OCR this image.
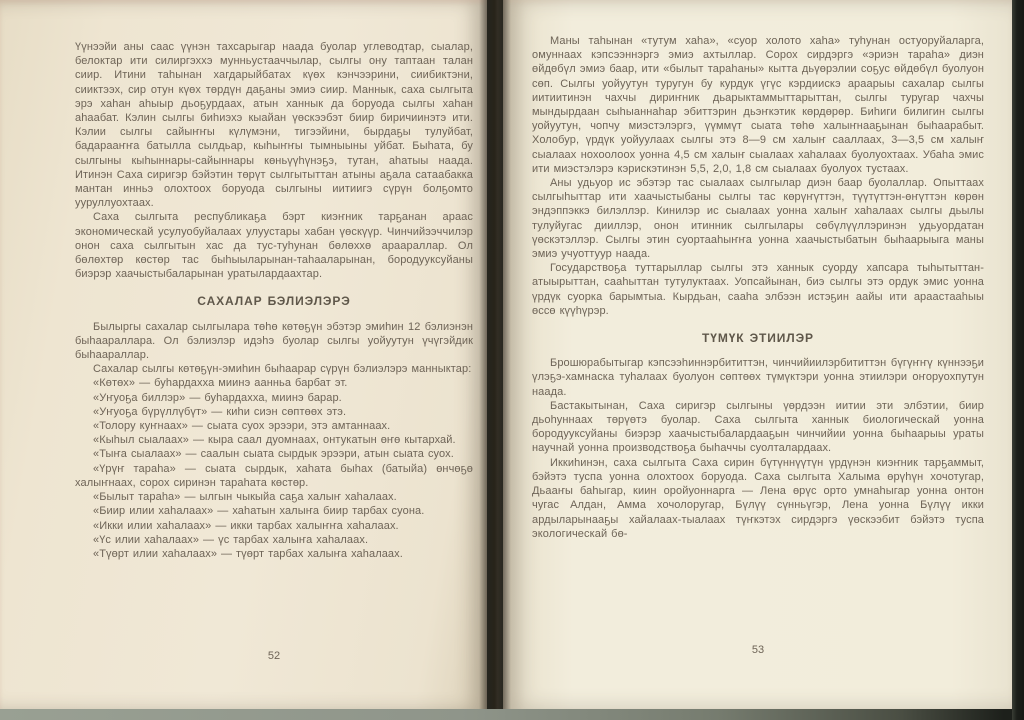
Үүнээйи аны саас үүнэн тахсарыгар наада буолар углеводтар, сыалар, белоктар ити силиргэххэ мунньустааччылар, сылгы ону таптаан талан сиир. Итини таһынан хагдарыйбатах күөх кэнчээрини, сиибиктэни, сииктээх, сир отун күөх төрдүн даҕаны эмиэ сиир. Маннык, саха сылгыта эрэ хаһан аһыыр дьоҕурдаах, атын ханнык да боруода сылгы хаһан аһаабат. Кэлин сылгы биһиэхэ кыайан үөскээбэт биир биричиинэтэ ити. Кэлии сылгы сайыҥҥы күлүмэни, тигээйини, бырдаҕы тулуйбат, бадарааҥҥа батылла сылдьар, кыһыҥҥы тымныыны уйбат. Быһата, бу сылгыны кыһыннары-сайыннары көньүүһүнэҕэ, тутан, аһатыы наада. Итинэн Саха сиригэр бэйэтин төрүт сылгытыттан атыны аҕала сатаабакка мантан инньэ олохтоох боруода сылгыны иитиигэ сүрүн болҕомто ууруллуохтаах.

Саха сылгыта республикаҕа бэрт киэҥник тарҕанан араас экономическай усулуобуйалаах улуустары хабан үөскүүр. Чинчийээччилэр онон саха сылгытын хас да тус-туһунан бөлөххө араараллар. Ол бөлөхтөр көстөр тас быһыыларынан-таһааларынан, бородууксуйаны биэрэр хаачыстыбаларынан уратылардаахтар.

САХАЛАР БЭЛИЭЛЭРЭ

Былыргы сахалар сылгылара төһө көтөҕүн эбэтэр эмиһин 12 бэлиэнэн быһаараллара. Ол бэлиэлэр идэһэ буолар сылгы уойуутун үчүгэйдик быһаараллар.

Сахалар сылгы көтөҕүн-эмиһин быһаарар сүрүн бэлиэлэрэ манныктар:

«Көтөх» — буһардахха миинэ аанньа барбат эт.

«Уҥуоҕа биллэр» — буһардахха, миинэ барар.

«Уҥуоҕа бүрүллүбүт» — киһи сиэн сөптөөх этэ.

«Толору куҥнаах» — сыата суох эрээри, этэ амтаннаах.

«Кыһыл сыалаах» — кыра саал дуомнаах, онтукатын өҥө кытархай.

«Тыҥа сыалаах» — саалын сыата сырдык эрээри, атын сыата суох.

«Үрүҥ тараһа» — сыата сырдык, хаһата быһах (батыйа) өнчөҕө халыҥнаах, сорох сиринэн тараһата көстөр.

«Былыт тараһа» — ылгын чыкыйа саҕа халыҥ хаһалаах.

«Биир илии хаһалаах» — хаһатын халыҥа биир тарбах суона.

«Икки илии хаһалаах» — икки тарбах халыҥҥа хаһалаах.

«Үс илии хаһалаах» — үс тарбах халыҥа хаһалаах.

«Түөрт илии хаһалаах» — түөрт тарбах халыҥа хаһалаах.

52

Маны таһынан «тутум хаһа», «суор холото хаһа» туһунан остуоруйаларга, омуннаах кэпсээннэргэ эмиэ ахтыллар. Сорох сирдэргэ «эриэн тараһа» диэн өйдөбүл эмиэ баар, ити «былыт тараһаны» кытта дьүөрэлии соҕус өйдөбүл буолуон сөп. Сылгы уойуутун туругун бу курдук үгүс кэрдиискэ араарыы сахалар сылгы иитиитинэн чахчы дириҥник дьарыктаммыттарыттан, сылгы туругар чахчы мындырдаан сыһыаннаһар эбиттэрин дьэҥкэтик көрдөрөр. Биһиги билигин сылгы уойуутун, чопчу миэстэлэргэ, үүммүт сыата төһө халыҥнааҕынан быһаарабыт. Холобур, үрдүк уойуулаах сылгы этэ 8—9 см халыҥ сааллаах, 3—3,5 см халыҥ сыалаах нохоолоох уонна 4,5 см халыҥ сыалаах хаһалаах буолуохтаах. Убаһа эмис ити миэстэлэрэ кэрискэтинэн 5,5, 2,0, 1,8 см сыалаах буолуох тустаах.

Аны удьуор ис эбэтэр тас сыалаах сылгылар диэн баар буолаллар. Опыттаах сылгыһыттар ити хаачыстыбаны сылгы тас көрүҥүттэн, түүтүттэн-өҥүттэн көрөн эндэппэккэ билэллэр. Кинилэр ис сыалаах уонна халыҥ хаһалаах сылгы дьылы тулуйугас дииллэр, онон итинник сылгылары сөбүлүүллэринэн удьуордатан үөскэтэллэр. Сылгы этин суортааһыҥҥа уонна хаачыстыбатын быһаарыыга маны эмиэ учуоттуур наада.

Государствоҕа туттарыллар сылгы этэ ханнык суорду хапсара тыһытыттан-атыырыттан, сааһыттан тутулуктаах. Уопсайынан, биэ сылгы этэ ордук эмис уонна үрдүк суорка барымтыа. Кырдьан, сааһа элбээн истэҕин аайы ити араастааһыы өссө күүһүрэр.

ТҮМҮК ЭТИИЛЭР

Брошюрабытыгар кэпсээһиннэрбититтэн, чинчийиилэрбититтэн бүгүҥҥү күннээҕи үлэҕэ-хамнаска туһалаах буолуон сөптөөх түмүктэри уонна этиилэри оҥоруохпутун наада.

Бастакытынан, Саха сиригэр сылгыны үөрдээн иитии эти элбэтии, биир дьоһуннаах төрүөтэ буолар. Саха сылгыта ханнык биологическай уонна бородууксуйаны биэрэр хаачыстыбалардааҕын чинчийии уонна быһаарыы ураты научнай уонна производствоҕа быһаччы суолталардаах.

Иккиһинэн, саха сылгыта Саха сирин бүтүннүүтүн үрдүнэн киэҥник тарҕаммыт, бэйэтэ туспа уонна олохтоох боруода. Саха сылгыта Халыма өрүһүн хочотугар, Дьааҥы баһыгар, киин оройуоннарга — Лена өрүс орто умнаһыгар уонна онтон чугас Алдан, Амма хочолоругар, Бүлүү сүнньүгэр, Лена уонна Бүлүү икки ардыларынааҕы хайалаах-тыалаах түҥкэтэх сирдэргэ үөскээбит бэйэтэ туспа экологическай бө-

53
